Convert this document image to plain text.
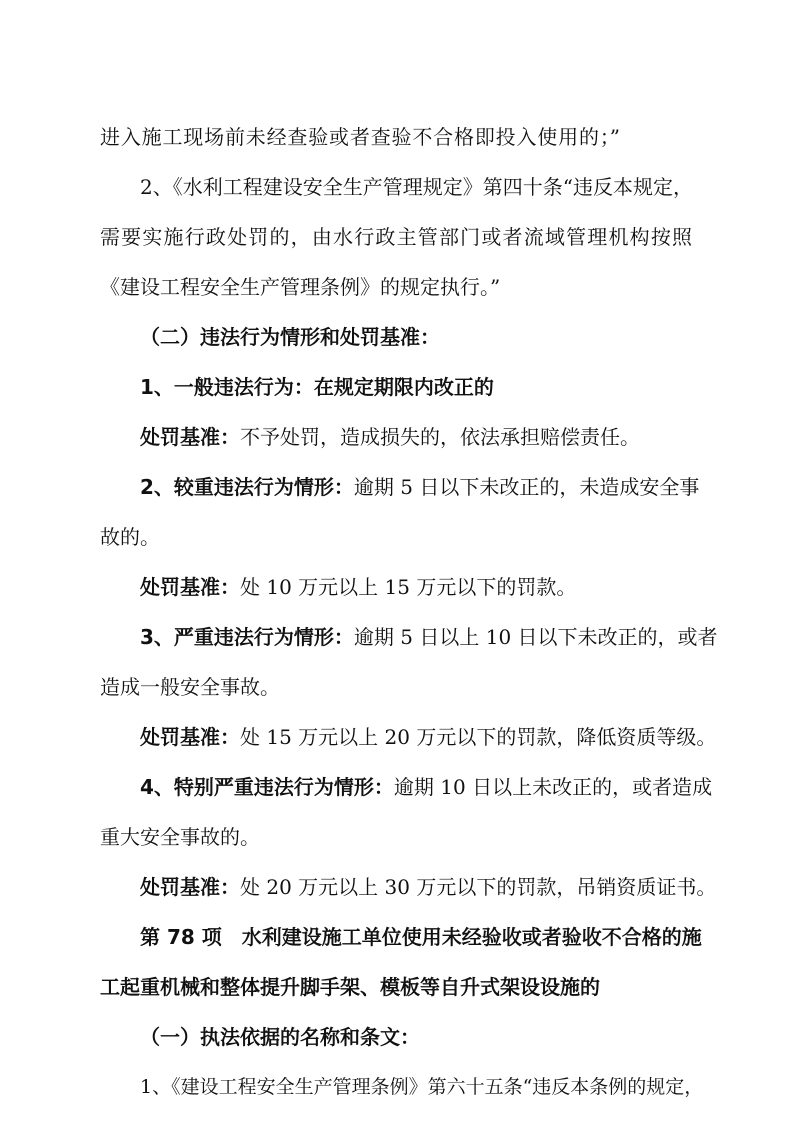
进入施工现场前未经查验或者查验不合格即投入使用的；”
2、《水利工程建设安全生产管理规定》第四十条“违反本规定，
需要实施行政处罚的，由水行政主管部门或者流域管理机构按照
《建设工程安全生产管理条例》的规定执行。”
（二）违法行为情形和处罚基准：
1、一般违法行为：在规定期限内改正的
处罚基准：不予处罚，造成损失的，依法承担赔偿责任。
2、较重违法行为情形：逾期 5 日以下未改正的，未造成安全事
故的。
处罚基准：处 10 万元以上 15 万元以下的罚款。
3、严重违法行为情形：逾期 5 日以上 10 日以下未改正的，或者
造成一般安全事故。
处罚基准：处 15 万元以上 20 万元以下的罚款，降低资质等级。
4、特别严重违法行为情形：逾期 10 日以上未改正的，或者造成
重大安全事故的。
处罚基准：处 20 万元以上 30 万元以下的罚款，吊销资质证书。
第 78 项　水利建设施工单位使用未经验收或者验收不合格的施
工起重机械和整体提升脚手架、模板等自升式架设设施的
（一）执法依据的名称和条文：
1、《建设工程安全生产管理条例》第六十五条“违反本条例的规定，
